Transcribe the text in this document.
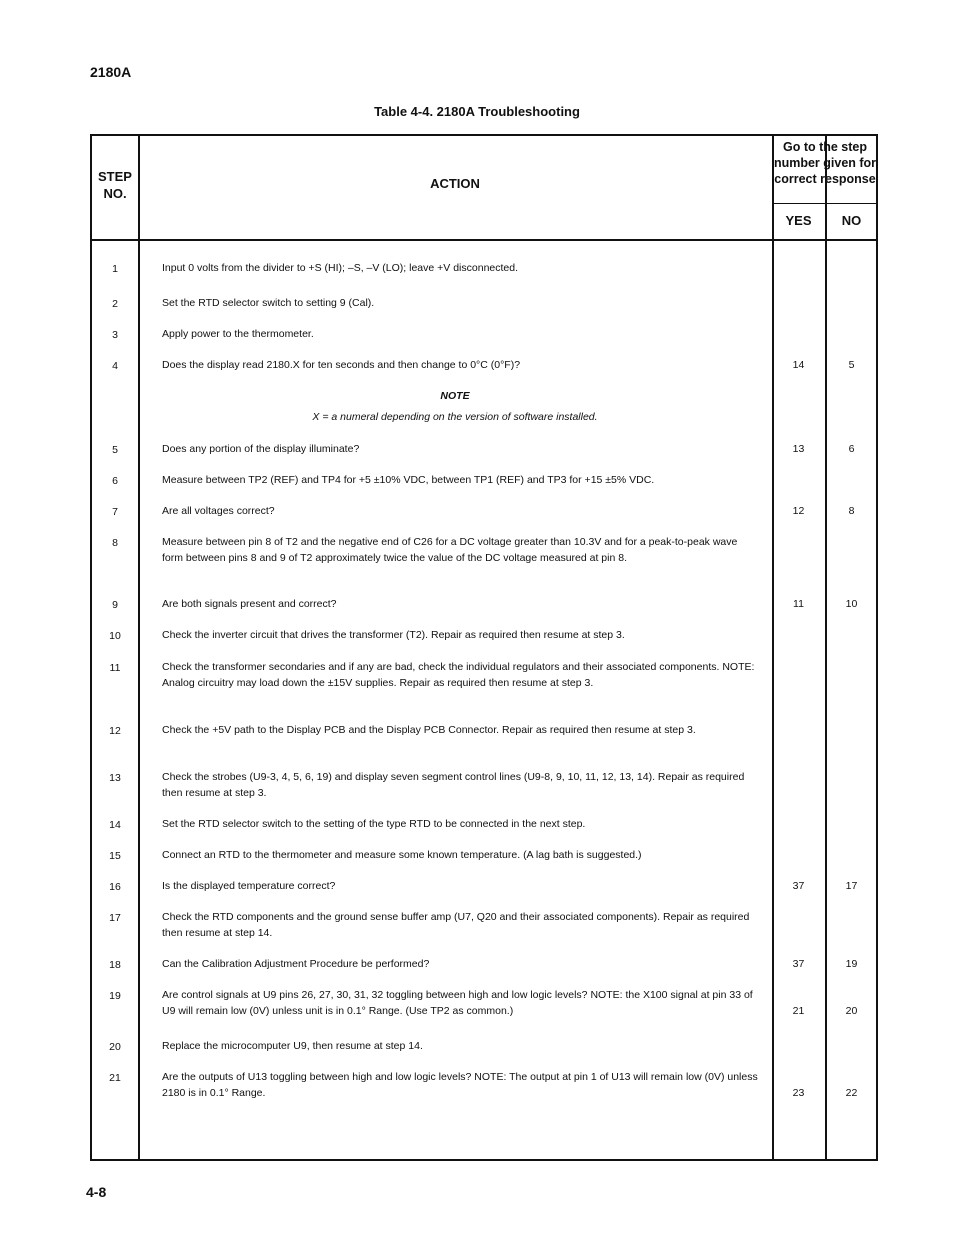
2180A
Table 4-4. 2180A Troubleshooting
STEP NO.
ACTION
Go to the step number given for correct response
YES	NO
1	Input 0 volts from the divider to +S (HI); –S, –V (LO); leave +V disconnected.
2	Set the RTD selector switch to setting 9 (Cal).
3	Apply power to the thermometer.
4	Does the display read 2180.X for ten seconds and then change to 0°C (0°F)?	14	5
NOTE
X = a numeral depending on the version of software installed.
5	Does any portion of the display illuminate?	13	6
6	Measure between TP2 (REF) and TP4 for +5 ±10% VDC, between TP1 (REF) and TP3 for +15 ±5% VDC.
7	Are all voltages correct?	12	8
8	Measure between pin 8 of T2 and the negative end of C26 for a DC voltage greater than 10.3V and for a peak-to-peak wave form between pins 8 and 9 of T2 approximately twice the value of the DC voltage measured at pin 8.
9	Are both signals present and correct?	11	10
10	Check the inverter circuit that drives the transformer (T2). Repair as required then resume at step 3.
11	Check the transformer secondaries and if any are bad, check the individual regulators and their associated components. NOTE: Analog circuitry may load down the ±15V supplies. Repair as required then resume at step 3.
12	Check the +5V path to the Display PCB and the Display PCB Connector. Repair as required then resume at step 3.
13	Check the strobes (U9-3, 4, 5, 6, 19) and display seven segment control lines (U9-8, 9, 10, 11, 12, 13, 14). Repair as required then resume at step 3.
14	Set the RTD selector switch to the setting of the type RTD to be connected in the next step.
15	Connect an RTD to the thermometer and measure some known temperature. (A lag bath is suggested.)
16	Is the displayed temperature correct?	37	17
17	Check the RTD components and the ground sense buffer amp (U7, Q20 and their associated components). Repair as required then resume at step 14.
18	Can the Calibration Adjustment Procedure be performed?	37	19
19	Are control signals at U9 pins 26, 27, 30, 31, 32 toggling between high and low logic levels? NOTE: the X100 signal at pin 33 of U9 will remain low (0V) unless unit is in 0.1° Range. (Use TP2 as common.)	21	20
20	Replace the microcomputer U9, then resume at step 14.
21	Are the outputs of U13 toggling between high and low logic levels? NOTE: The output at pin 1 of U13 will remain low (0V) unless 2180 is in 0.1° Range.	23	22
4-8
